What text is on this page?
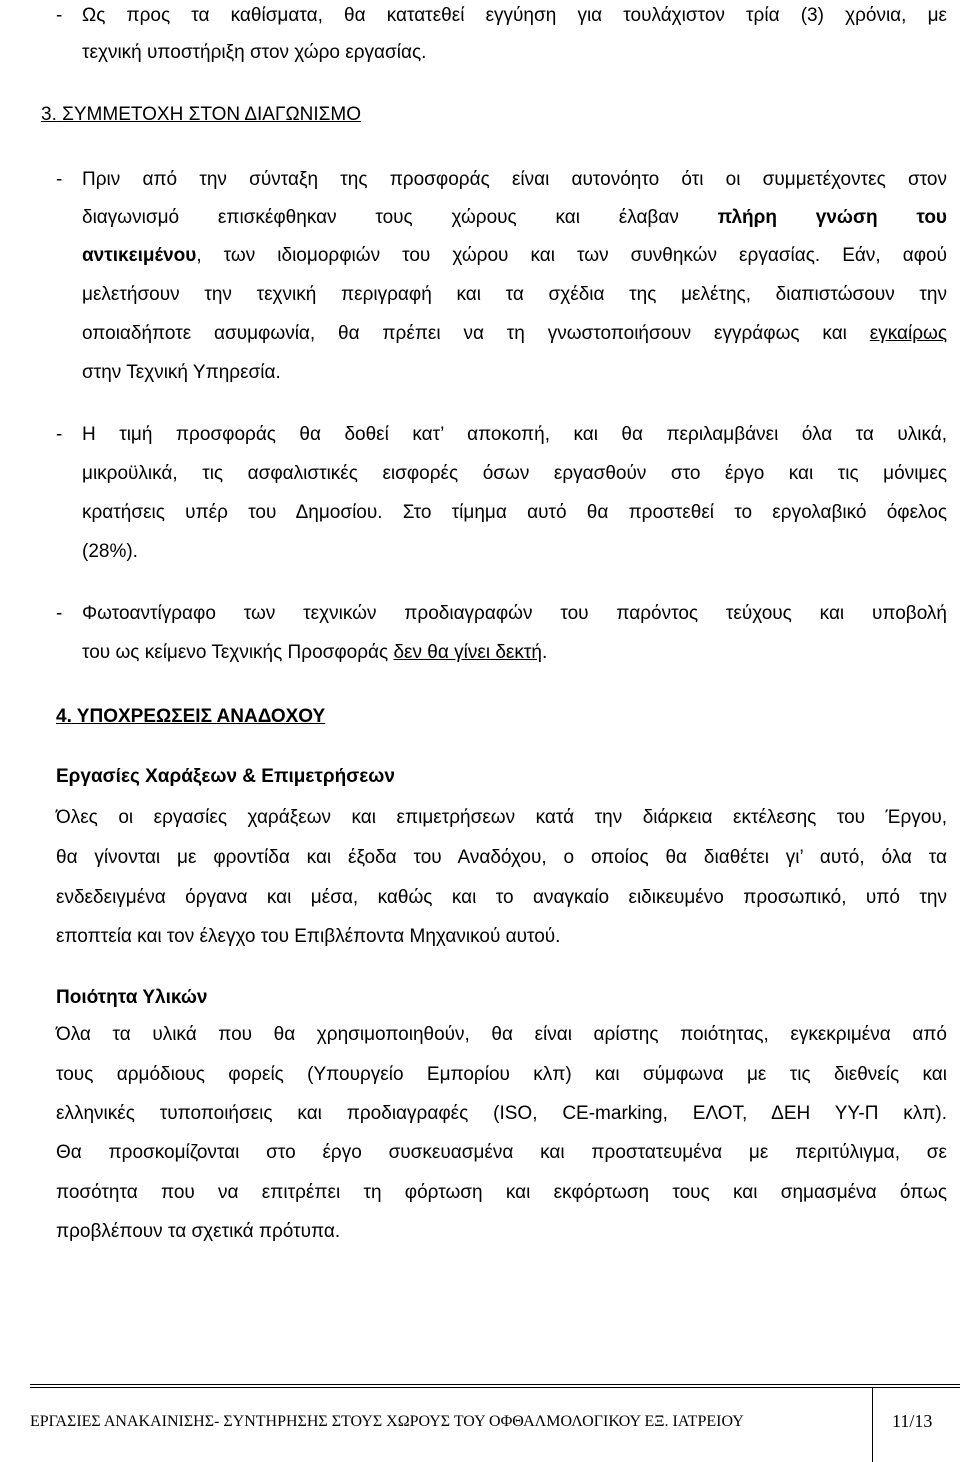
- Ως προς τα καθίσματα, θα κατατεθεί εγγύηση για τουλάχιστον τρία (3) χρόνια, με
τεχνική υποστήριξη στον χώρο εργασίας.
3. ΣΥΜΜΕΤΟΧΗ ΣΤΟΝ ΔΙΑΓΩΝΙΣΜΟ
- Πριν από την σύνταξη της προσφοράς είναι αυτονόητο ότι οι συμμετέχοντες στον
διαγωνισμό επισκέφθηκαν τους χώρους και έλαβαν πλήρη γνώση του
αντικειμένου, των ιδιομορφιών του χώρου και των συνθηκών εργασίας. Εάν, αφού
μελετήσουν την τεχνική περιγραφή και τα σχέδια της μελέτης, διαπιστώσουν την
οποιαδήποτε ασυμφωνία, θα πρέπει να τη γνωστοποιήσουν εγγράφως και εγκαίρως
στην Τεχνική Υπηρεσία.
- Η τιμή προσφοράς θα δοθεί κατ’ αποκοπή, και θα περιλαμβάνει όλα τα υλικά,
μικροϋλικά, τις ασφαλιστικές εισφορές όσων εργασθούν στο έργο και τις μόνιμες
κρατήσεις υπέρ του Δημοσίου. Στο τίμημα αυτό θα προστεθεί το εργολαβικό όφελος
(28%).
- Φωτοαντίγραφο των τεχνικών προδιαγραφών του παρόντος τεύχους και υποβολή
του ως κείμενο Τεχνικής Προσφοράς δεν θα γίνει δεκτή.
4. ΥΠΟΧΡΕΩΣΕΙΣ ΑΝΑΔΟΧΟΥ
Εργασίες Χαράξεων & Επιμετρήσεων
Όλες οι εργασίες χαράξεων και επιμετρήσεων κατά την διάρκεια εκτέλεσης του Έργου,
θα γίνονται με φροντίδα και έξοδα του Αναδόχου, ο οποίος θα διαθέτει γι’ αυτό, όλα τα
ενδεδειγμένα όργανα και μέσα, καθώς και το αναγκαίο ειδικευμένο προσωπικό, υπό την
εποπτεία και τον έλεγχο του Επιβλέποντα Μηχανικού αυτού.
Ποιότητα Υλικών
Όλα τα υλικά που θα χρησιμοποιηθούν, θα είναι αρίστης ποιότητας, εγκεκριμένα από
τους αρμόδιους φορείς (Υπουργείο Εμπορίου κλπ) και σύμφωνα με τις διεθνείς και
ελληνικές τυποποιήσεις και προδιαγραφές (ISO, CE-marking, ΕΛΟΤ, ΔΕΗ ΥΥ-Π κλπ).
Θα προσκομίζονται στο έργο συσκευασμένα και προστατευμένα με περιτύλιγμα, σε
ποσότητα που να επιτρέπει τη φόρτωση και εκφόρτωση τους και σημασμένα όπως
προβλέπουν τα σχετικά πρότυπα.
ΕΡΓΑΣΙΕΣ ΑΝΑΚΑΙΝΙΣΗΣ- ΣΥΝΤΗΡΗΣΗΣ ΣΤΟΥΣ ΧΩΡΟΥΣ ΤΟΥ ΟΦΘΑΛΜΟΛΟΓΙΚΟΥ ΕΞ. ΙΑΤΡΕΙΟΥ	11/13
